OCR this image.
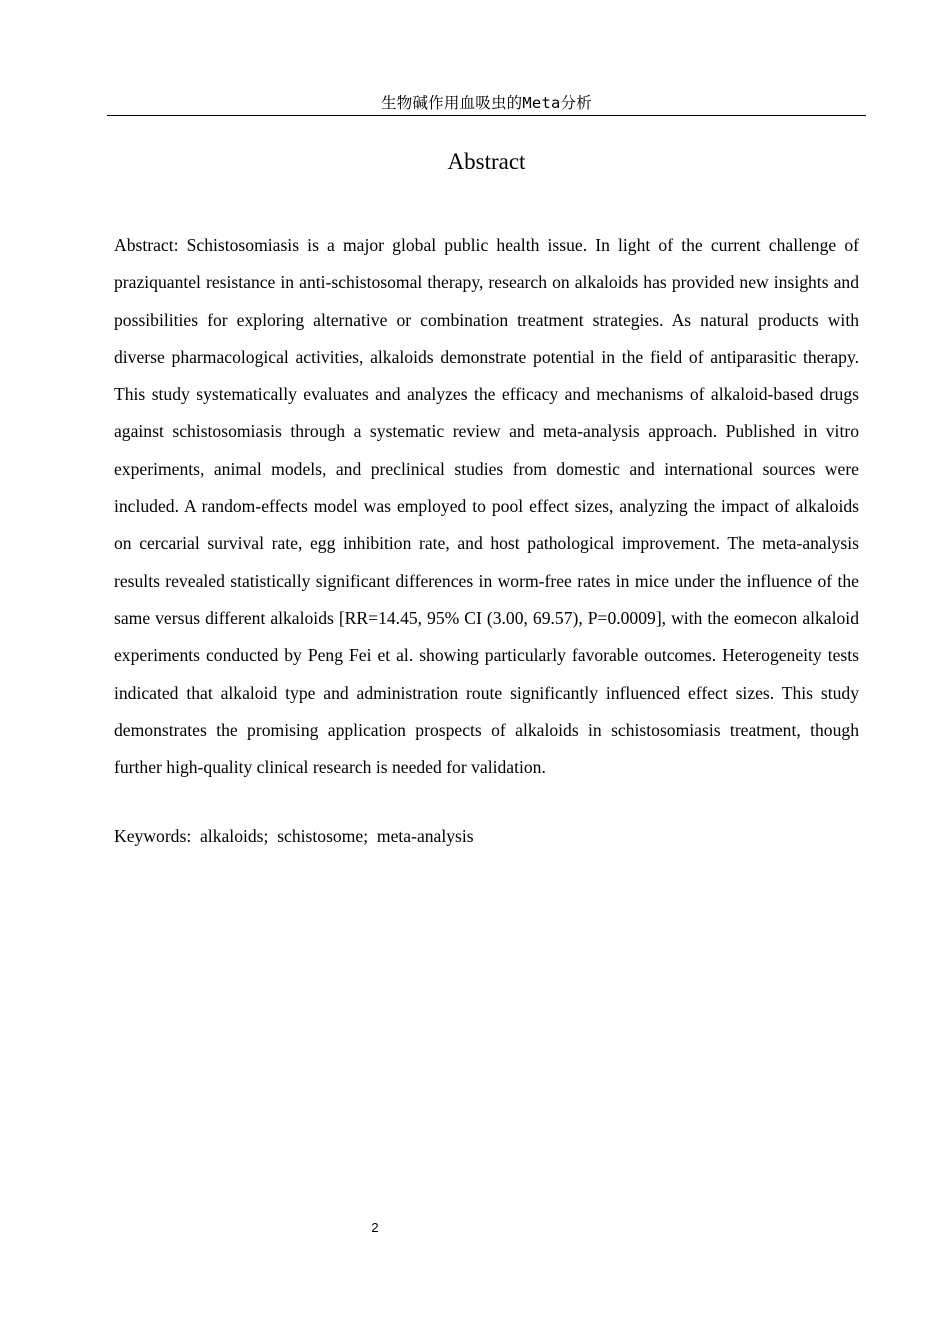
生物碱作用血吸虫的Meta分析
Abstract

Abstract: Schistosomiasis is a major global public health issue. In light of the current challenge of praziquantel resistance in anti-schistosomal therapy, research on alkaloids has provided new insights and possibilities for exploring alternative or combination treatment strategies. As natural products with diverse pharmacological activities, alkaloids demonstrate potential in the field of antiparasitic therapy. This study systematically evaluates and analyzes the efficacy and mechanisms of alkaloid-based drugs against schistosomiasis through a systematic review and meta-analysis approach. Published in vitro experiments, animal models, and preclinical studies from domestic and international sources were included. A random-effects model was employed to pool effect sizes, analyzing the impact of alkaloids on cercarial survival rate, egg inhibition rate, and host pathological improvement. The meta-analysis results revealed statistically significant differences in worm-free rates in mice under the influence of the same versus different alkaloids [RR=14.45, 95% CI (3.00, 69.57), P=0.0009], with the eomecon alkaloid experiments conducted by Peng Fei et al. showing particularly favorable outcomes. Heterogeneity tests indicated that alkaloid type and administration route significantly influenced effect sizes. This study demonstrates the promising application prospects of alkaloids in schistosomiasis treatment, though further high-quality clinical research is needed for validation.

Keywords:  alkaloids;  schistosome;  meta-analysis
2
